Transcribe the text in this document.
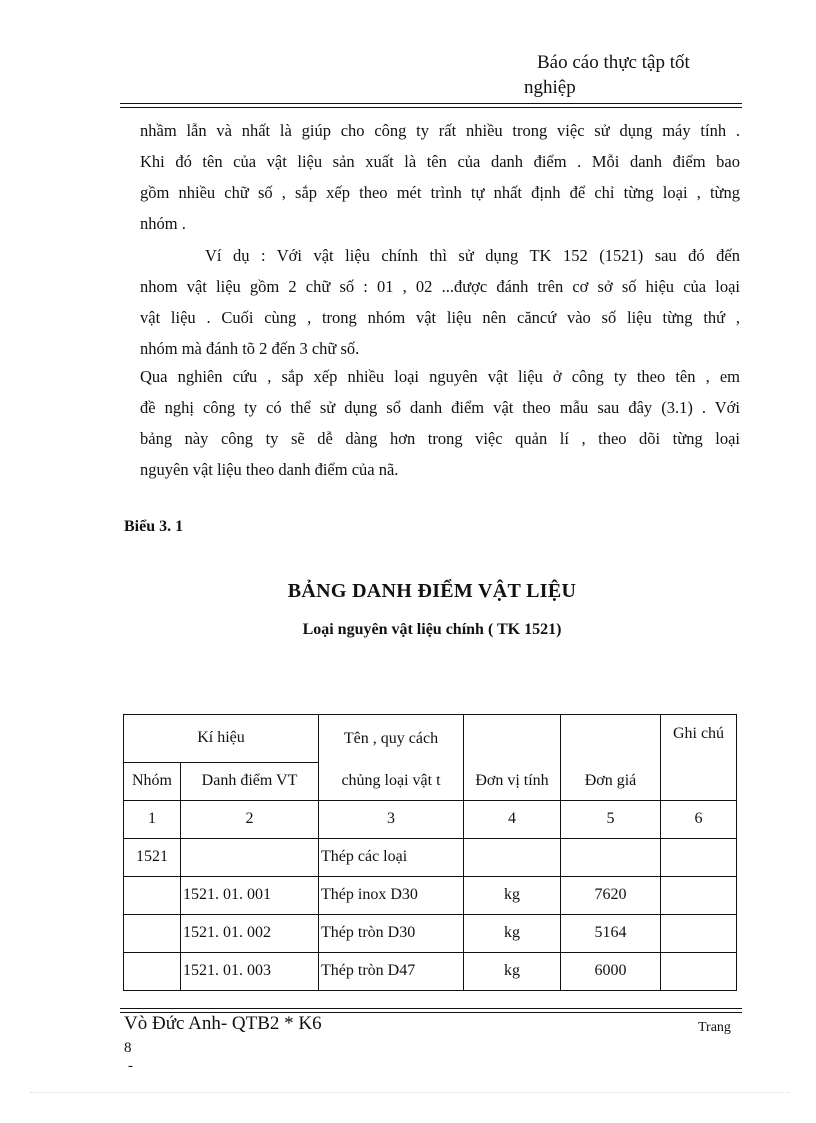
Báo cáo thực tập tốt
nghiệp
nhầm lẫn và nhất là giúp cho công ty rất nhiều trong việc sử dụng máy tính .
Khi đó tên của vật liệu sản xuất là tên của danh điểm . Mỗi danh điểm bao
gồm nhiều chữ số , sắp xếp theo mét trình tự nhất định để chỉ từng loại , từng
nhóm .
Ví dụ : Với vật liệu chính thì sử dụng TK 152 (1521) sau đó đến
nhom vật liệu gồm 2 chữ số : 01 , 02 ...được đánh trên cơ sở số hiệu của loại
vật liệu . Cuối cùng , trong nhóm vật liệu nên căncứ vào số liệu từng thứ ,
nhóm mà đánh tõ 2 đến 3 chữ số.
Qua nghiên cứu , sắp xếp nhiều loại nguyên vật liệu ở công ty theo tên , em
đề nghị công ty có thể sử dụng sổ danh điểm vật theo mẫu sau đây (3.1) . Với
bảng này công ty sẽ dễ dàng hơn trong việc quản lí , theo dõi từng loại
nguyên vật liệu theo danh điểm của nã.
Biểu 3. 1
BẢNG DANH ĐIỂM VẬT LIỆU
Loại nguyên vật liệu chính ( TK 1521)
Kí hiệu		Tên , quy cách			Ghi chú
Nhóm	Danh điểm VT	chủng loại vật t	Đơn vị tính	Đơn giá	
1	2	3	4	5	6
1521		Thép các loại			
	1521. 01. 001	Thép inox D30	kg	7620	
	1521. 01. 002	Thép tròn D30	kg	5164	
	1521. 01. 003	Thép tròn D47	kg	6000	
Vò Đức Anh- QTB2 * K6	Trang
8
-
